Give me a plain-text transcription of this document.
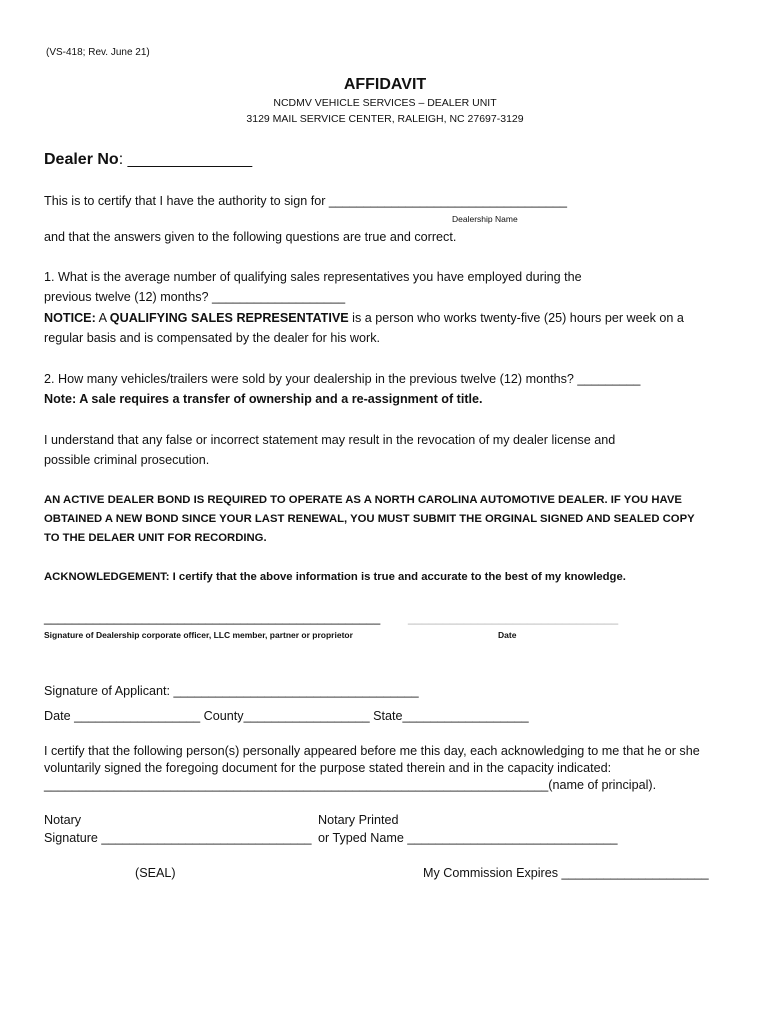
(VS-418; Rev. June 21)
AFFIDAVIT
NCDMV VEHICLE SERVICES – DEALER UNIT
3129 MAIL SERVICE CENTER, RALEIGH, NC 27697-3129
Dealer No: ______________
This is to certify that I have the authority to sign for __________________________________
Dealership Name
and that the answers given to the following questions are true and correct.
1. What is the average number of qualifying sales representatives you have employed during the
previous twelve (12) months? ___________________
NOTICE: A QUALIFYING SALES REPRESENTATIVE is a person who works twenty-five (25) hours per week on a
regular basis and is compensated by the dealer for his work.
2. How many vehicles/trailers were sold by your dealership in the previous twelve (12) months? _________
Note: A sale requires a transfer of ownership and a re-assignment of title.
I understand that any false or incorrect statement may result in the revocation of my dealer license and
possible criminal prosecution.
AN ACTIVE DEALER BOND IS REQUIRED TO OPERATE AS A NORTH CAROLINA AUTOMOTIVE DEALER. IF YOU HAVE
OBTAINED A NEW BOND SINCE YOUR LAST RENEWAL, YOU MUST SUBMIT THE ORGINAL SIGNED AND SEALED COPY
TO THE DELAER UNIT FOR RECORDING.
ACKNOWLEDGEMENT: I certify that the above information is true and accurate to the best of my knowledge.
________________________________________________ ______________________________
Signature of Dealership corporate officer, LLC member, partner or proprietor	Date
Signature of Applicant: ___________________________________
Date __________________ County__________________ State__________________
I certify that the following person(s) personally appeared before me this day, each acknowledging to me that he or she
voluntarily signed the foregoing document for the purpose stated therein and in the capacity indicated:
________________________________________________________________________(name of principal).
Notary
Signature ______________________________
Notary Printed
or Typed Name ______________________________
(SEAL)	My Commission Expires _____________________
